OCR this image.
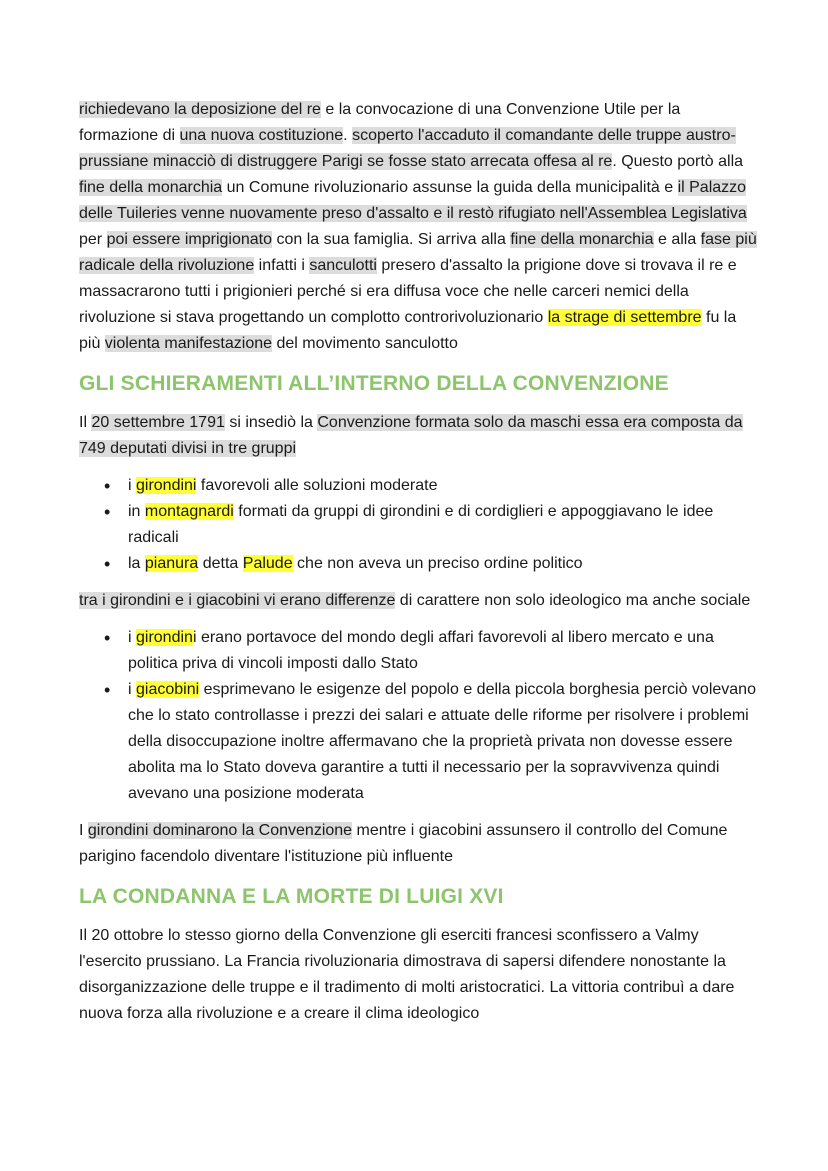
richiedevano la deposizione del re e la convocazione di una Convenzione Utile per la formazione di una nuova costituzione. scoperto l'accaduto il comandante delle truppe austro-prussiane minacciò di distruggere Parigi se fosse stato arrecata offesa al re. Questo portò alla fine della monarchia un Comune rivoluzionario assunse la guida della municipalità e il Palazzo delle Tuileries venne nuovamente preso d'assalto e il restò rifugiato nell'Assemblea Legislativa per poi essere imprigionato con la sua famiglia. Si arriva alla fine della monarchia e alla fase più radicale della rivoluzione infatti i sanculotti presero d'assalto la prigione dove si trovava il re e massacrarono tutti i prigionieri perché si era diffusa voce che nelle carceri nemici della rivoluzione si stava progettando un complotto controrivoluzionario la strage di settembre fu la più violenta manifestazione del movimento sanculotto

GLI SCHIERAMENTI ALL’INTERNO DELLA CONVENZIONE

Il 20 settembre 1791 si insediò la Convenzione formata solo da maschi essa era composta da 749 deputati divisi in tre gruppi

• i girondini favorevoli alle soluzioni moderate
• in montagnardi formati da gruppi di girondini e di cordiglieri e appoggiavano le idee radicali
• la pianura detta Palude che non aveva un preciso ordine politico

tra i girondini e i giacobini vi erano differenze di carattere non solo ideologico ma anche sociale

• i girondini erano portavoce del mondo degli affari favorevoli al libero mercato e una politica priva di vincoli imposti dallo Stato
• i giacobini esprimevano le esigenze del popolo e della piccola borghesia perciò volevano che lo stato controllasse i prezzi dei salari e attuate delle riforme per risolvere i problemi della disoccupazione inoltre affermavano che la proprietà privata non dovesse essere abolita ma lo Stato doveva garantire a tutti il necessario per la sopravvivenza quindi avevano una posizione moderata

I girondini dominarono la Convenzione mentre i giacobini assunsero il controllo del Comune parigino facendolo diventare l'istituzione più influente

LA CONDANNA E LA MORTE DI LUIGI XVI

Il 20 ottobre lo stesso giorno della Convenzione gli eserciti francesi sconfissero a Valmy l'esercito prussiano. La Francia rivoluzionaria dimostrava di sapersi difendere nonostante la disorganizzazione delle truppe e il tradimento di molti aristocratici. La vittoria contribuì a dare nuova forza alla rivoluzione e a creare il clima ideologico
